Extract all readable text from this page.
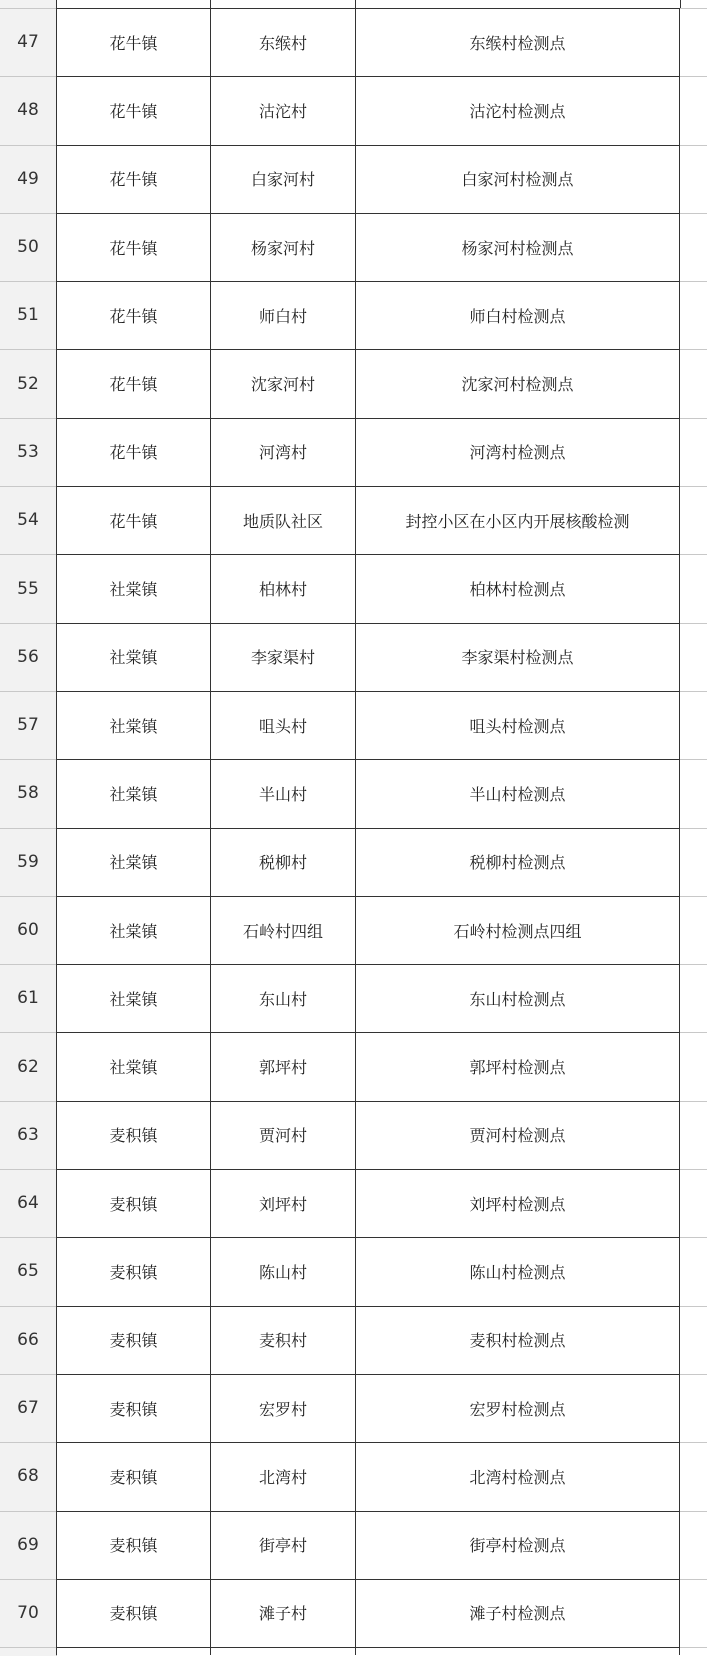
47	花牛镇	东缑村	东缑村检测点
48	花牛镇	沽沱村	沽沱村检测点
49	花牛镇	白家河村	白家河村检测点
50	花牛镇	杨家河村	杨家河村检测点
51	花牛镇	师白村	师白村检测点
52	花牛镇	沈家河村	沈家河村检测点
53	花牛镇	河湾村	河湾村检测点
54	花牛镇	地质队社区	封控小区在小区内开展核酸检测
55	社棠镇	柏林村	柏林村检测点
56	社棠镇	李家渠村	李家渠村检测点
57	社棠镇	咀头村	咀头村检测点
58	社棠镇	半山村	半山村检测点
59	社棠镇	税柳村	税柳村检测点
60	社棠镇	石岭村四组	石岭村检测点四组
61	社棠镇	东山村	东山村检测点
62	社棠镇	郭坪村	郭坪村检测点
63	麦积镇	贾河村	贾河村检测点
64	麦积镇	刘坪村	刘坪村检测点
65	麦积镇	陈山村	陈山村检测点
66	麦积镇	麦积村	麦积村检测点
67	麦积镇	宏罗村	宏罗村检测点
68	麦积镇	北湾村	北湾村检测点
69	麦积镇	街亭村	街亭村检测点
70	麦积镇	滩子村	滩子村检测点
